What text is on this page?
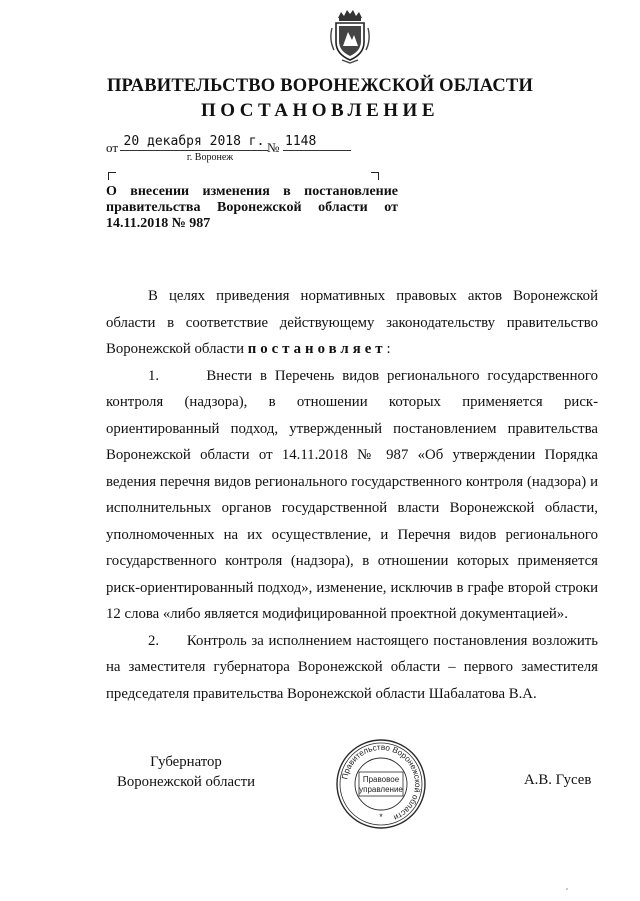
ПРАВИТЕЛЬСТВО ВОРОНЕЖСКОЙ ОБЛАСТИ
ПОСТАНОВЛЕНИЕ
от 20 декабря 2018 г. № 1148
г. Воронеж
О внесении изменения в постановление правительства Воронежской области от 14.11.2018 № 987

В целях приведения нормативных правовых актов Воронежской области в соответствие действующему законодательству правительство Воронежской области постановляет:

1.      Внести в Перечень видов регионального государственного контроля (надзора), в отношении которых применяется риск-ориентированный подход, утвержденный постановлением правительства Воронежской области от 14.11.2018 № 987 «Об утверждении Порядка ведения перечня видов регионального государственного контроля (надзора) и исполнительных органов государственной власти Воронежской области, уполномоченных на их осуществление, и Перечня видов регионального государственного контроля (надзора), в отношении которых применяется риск-ориентированный подход», изменение, исключив в графе второй строки 12 слова «либо является модифицированной проектной документацией».

2.      Контроль за исполнением настоящего постановления возложить на заместителя губернатора Воронежской области – первого заместителя председателя правительства Воронежской области Шабалатова В.А.

Губернатор
Воронежской области	Правительство Воронежской области
Правовое
управление
*
А.В. Гусев
